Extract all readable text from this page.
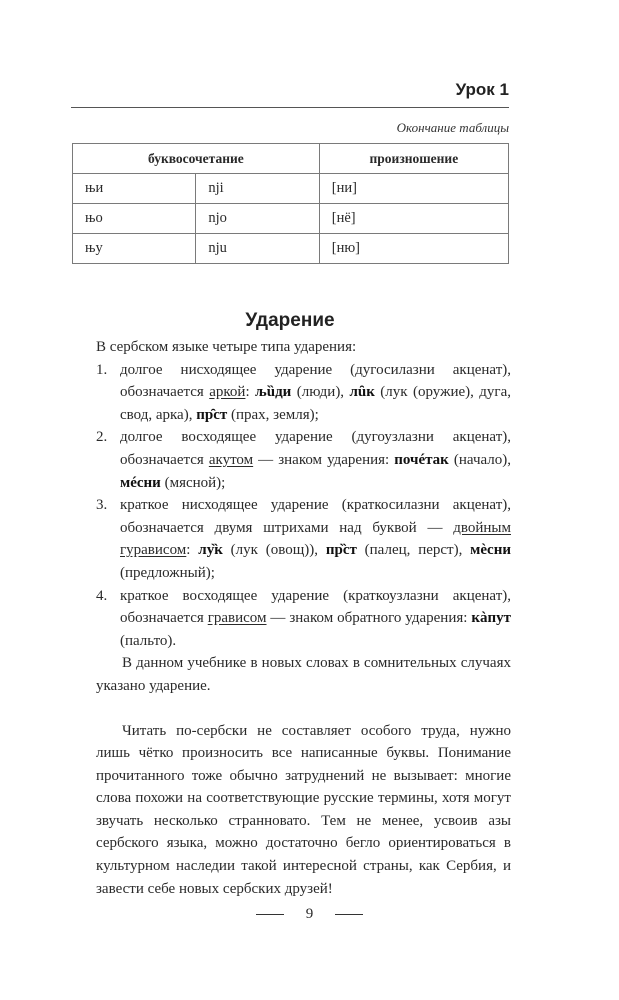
Урок 1
Окончание таблицы
буквосочетание		произношение
њи	nji	[ни]
њо	njo	[нё]
њу	nju	[ню]
Ударение

В сербском языке четыре типа ударения:

1. долгое нисходящее ударение (дугосилазни акценат), обозначается аркой: љȕди (люди), лȗк (лук (оружие), дуга, свод, арка), пр̑ст (прах, земля);
2. долгое восходящее ударение (дугоузлазни акценат), обозначается акутом — знаком ударения: почéтак (начало), мéсни (мясной);
3. краткое нисходящее ударение (краткосилазни акценат), обозначается двумя штрихами над буквой — двойным гурависом: лу̏к (лук (овощ)), пр̏ст (палец, перст), мѐсни (предложный);
4. краткое восходящее ударение (краткоузлазни акценат), обозначается грависом — знаком обратного ударения: кàпут (пальто).

В данном учебнике в новых словах в сомнительных случаях указано ударение.

Читать по-сербски не составляет особого труда, нужно лишь чётко произносить все написанные буквы. Понимание прочитанного тоже обычно затруднений не вызывает: многие слова похожи на соответствующие русские термины, хотя могут звучать несколько странновато. Тем не менее, усвоив азы сербского языка, можно достаточно бегло ориентироваться в культурном наследии такой интересной страны, как Сербия, и завести себе новых сербских друзей!

9
